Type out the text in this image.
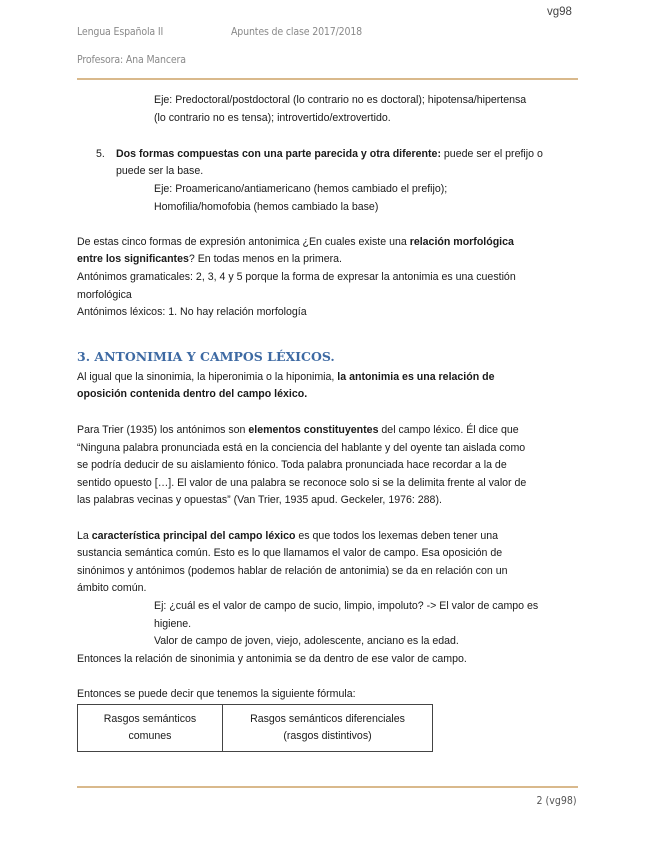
vg98
Lengua Española II	Apuntes de clase 2017/2018
Profesora: Ana Mancera
Eje: Predoctoral/postdoctoral (lo contrario no es doctoral); hipotensa/hipertensa
(lo contrario no es tensa); introvertido/extrovertido.
5. Dos formas compuestas con una parte parecida y otra diferente: puede ser el prefijo o
puede ser la base.
Eje: Proamericano/antiamericano (hemos cambiado el prefijo);
Homofilia/homofobia (hemos cambiado la base)
De estas cinco formas de expresión antonimica ¿En cuales existe una relación morfológica
entre los significantes? En todas menos en la primera.
Antónimos gramaticales: 2, 3, 4 y 5 porque la forma de expresar la antonimia es una cuestión
morfológica
Antónimos léxicos: 1. No hay relación morfología
3. ANTONIMIA Y CAMPOS LÉXICOS.
Al igual que la sinonimia, la hiperonimia o la hiponimia, la antonimia es una relación de
oposición contenida dentro del campo léxico.
Para Trier (1935) los antónimos son elementos constituyentes del campo léxico. Él dice que
“Ninguna palabra pronunciada está en la conciencia del hablante y del oyente tan aislada como
se podría deducir de su aislamiento fónico. Toda palabra pronunciada hace recordar a la de
sentido opuesto […]. El valor de una palabra se reconoce solo si se la delimita frente al valor de
las palabras vecinas y opuestas” (Van Trier, 1935 apud. Geckeler, 1976: 288).
La característica principal del campo léxico es que todos los lexemas deben tener una
sustancia semántica común. Esto es lo que llamamos el valor de campo. Esa oposición de
sinónimos y antónimos (podemos hablar de relación de antonimia) se da en relación con un
ámbito común.
Ej: ¿cuál es el valor de campo de sucio, limpio, impoluto? -> El valor de campo es
higiene.
Valor de campo de joven, viejo, adolescente, anciano es la edad.
Entonces la relación de sinonimia y antonimia se da dentro de ese valor de campo.
Entonces se puede decir que tenemos la siguiente fórmula:
Rasgos semánticos
comunes
Rasgos semánticos diferenciales
(rasgos distintivos)
2 (vg98)
